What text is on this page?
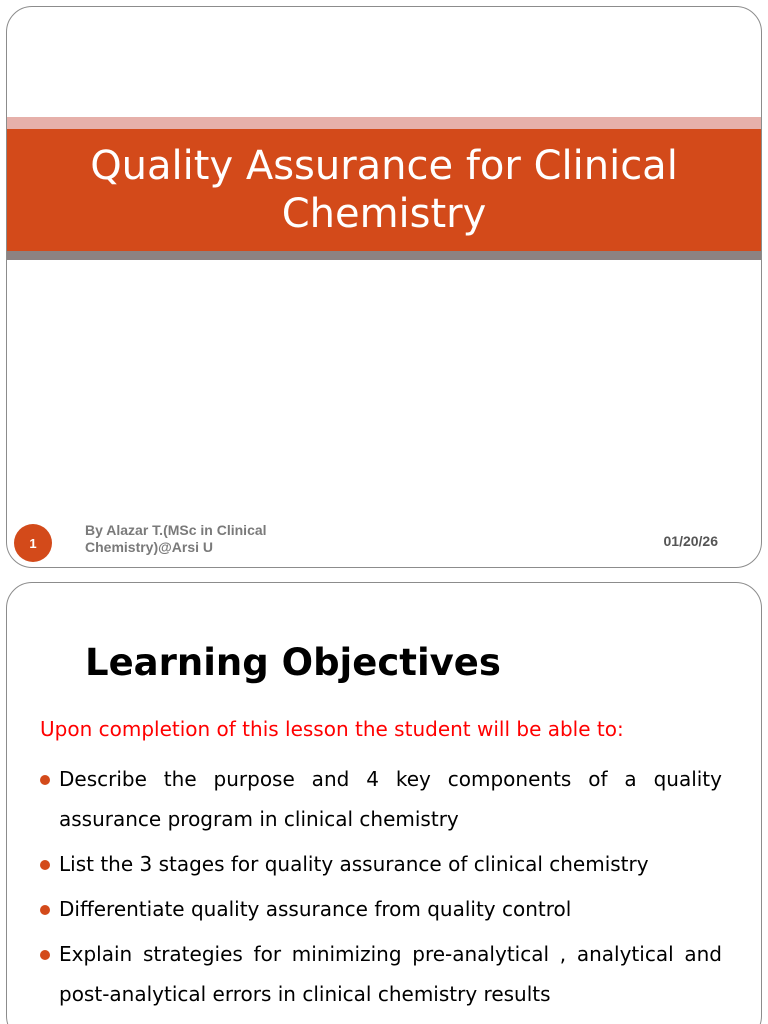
Quality Assurance for Clinical Chemistry
1
By Alazar T.(MSc in Clinical
Chemistry)@Arsi U	01/20/26
Learning Objectives
Upon completion of this lesson the student will be able to:
Describe the purpose and 4 key components of a quality assurance program in clinical chemistry
List the 3 stages for quality assurance of clinical chemistry
Differentiate quality assurance from quality control
Explain strategies for minimizing pre-analytical , analytical and post-analytical errors in clinical chemistry results
